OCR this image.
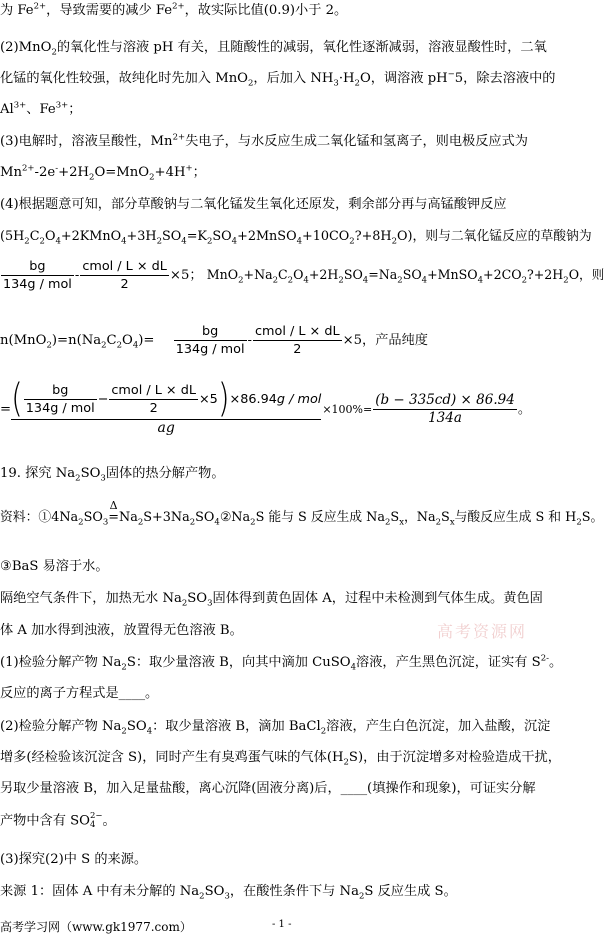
为 $Fe^{2+}$，导致需要的减少 $Fe^{2+}$，故实际比值(0.9)小于 2。
(2)MnO$_2$的氧化性与溶液 pH 有关，且随酸性的减弱，氧化性逐渐减弱，溶液显酸性时，二氧
化锰的氧化性较强，故纯化时先加入 MnO$_2$，后加入 $NH_3\cdot H_2O$，调溶液 pH−5，除去溶液中的
$Al^{3+}$、$Fe^{3+}$；
(3)电解时，溶液呈酸性，$Mn^{2+}$失电子，与水反应生成二氧化锰和氢离子，则电极反应式为
$Mn^{2+}-2e^-+2H_2O=MnO_2+4H^+$；
(4)根据题意可知，部分草酸钠与二氧化锰发生氧化还原发，剩余部分再与高锰酸钾反应
$(5H_2C_2O_4+2KMnO_4+3H_2SO_4=K_2SO_4+2MnSO_4+10CO_2?+8H_2O)$，则与二氧化锰反应的草酸钠为
$\frac{bg}{\text{134g / mol}} - \frac{\text{cmol / L × dL}}{2} \times 5$； $MnO_2+Na_2C_2O_4+2H_2SO_4=Na_2SO_4+MnSO_4+2CO_2?+2H_2O$，则
$n(MnO_2)=n(Na_2C_2O_4)= \frac{bg}{\text{134g / mol}} - \frac{\text{cmol / L × dL}}{2} \times 5$，产品纯度
= $\frac{( \frac{bg}{\text{134g / mol}} - \frac{\text{cmol / L × dL}}{2} \times 5)\times 86.94g / mol}{ag} \times 100\%= \frac{(b - 335cd) \times 86.94}{134a}$ 。
19. 探究 $Na_2SO_3$固体的热分解产物。
资料：$①4Na_2SO_3$
Δ
$=Na_2S+3Na_2SO_4②Na_2S$ 能与 S 反应生成 $Na_2S_x$，$Na_2S_x$与酸反应生成 S 和 $H_2S$。
③BaS 易溶于水。
隔绝空气条件下，加热无水 $Na_2SO_3$固体得到黄色固体 A，过程中未检测到气体生成。黄色固
体 A 加水得到浊液，放置得无色溶液 B。	高考资源网
(1)检验分解产物 $Na_2S$：取少量溶液 B，向其中滴加 CuSO$_4$溶液，产生黑色沉淀，证实有 $S^{2-}$。
反应的离子方程式是____。
(2)检验分解产物 $Na_2SO_4$：取少量溶液 B，滴加 BaCl$_2$溶液，产生白色沉淀，加入盐酸，沉淀
增多(经检验该沉淀含 S)，同时产生有臭鸡蛋气味的气体$(H_2S)$，由于沉淀增多对检验造成干扰，
另取少量溶液 B，加入足量盐酸，离心沉降(固液分离)后，____(填操作和现象)，可证实分解
产物中含有 SO 2−
4 。
(3)探究(2)中 S 的来源。
来源 1：固体 A 中有未分解的 $Na_2SO_3$，在酸性条件下与 $Na_2S$ 反应生成 S。
高考学习网（www.gk1977.com）	- 1 -
